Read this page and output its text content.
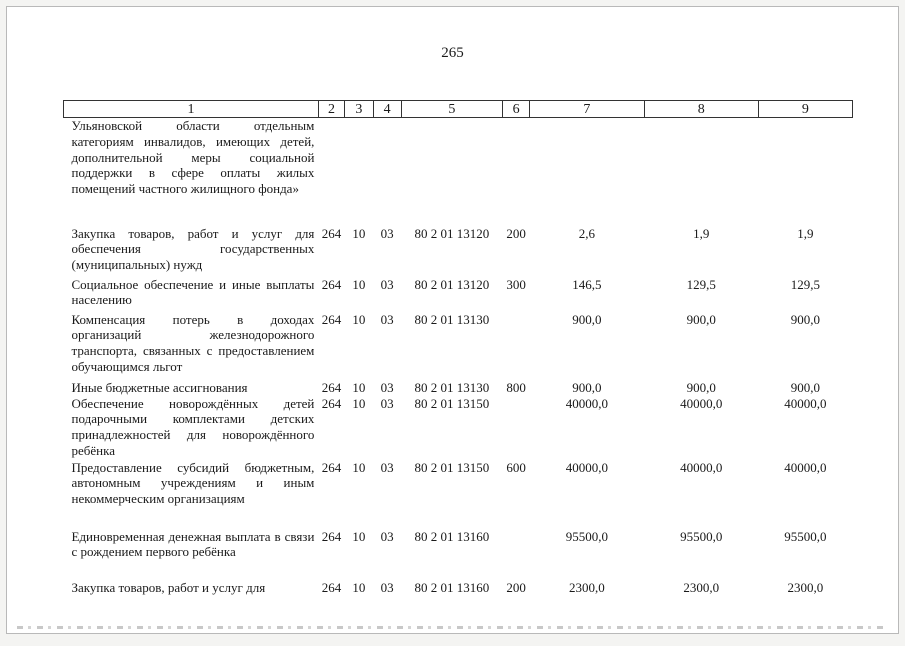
265
1	2	3	4	5	6	7	8	9
Ульяновской области отдельным категориям инвалидов, имеющих детей, дополнительной меры социальной поддержки в сфере оплаты жилых помещений частного жилищного фонда»								
Закупка товаров, работ и услуг для обеспечения государственных (муниципальных) нужд	264	10	03	80 2 01 13120	200	2,6	1,9	1,9
Социальное обеспечение и иные выплаты населению	264	10	03	80 2 01 13120	300	146,5	129,5	129,5
Компенсация потерь в доходах организаций железнодорожного транспорта, связанных с предоставлением обучающимся льгот	264	10	03	80 2 01 13130		900,0	900,0	900,0
Иные бюджетные ассигнования	264	10	03	80 2 01 13130	800	900,0	900,0	900,0
Обеспечение новорождённых детей подарочными комплектами детских принадлежностей для новорождённого ребёнка	264	10	03	80 2 01 13150		40000,0	40000,0	40000,0
Предоставление субсидий бюджетным, автономным учреждениям и иным некоммерческим организациям	264	10	03	80 2 01 13150	600	40000,0	40000,0	40000,0
Единовременная денежная выплата в связи с рождением первого ребёнка	264	10	03	80 2 01 13160		95500,0	95500,0	95500,0
Закупка товаров, работ и услуг для	264	10	03	80 2 01 13160	200	2300,0	2300,0	2300,0
